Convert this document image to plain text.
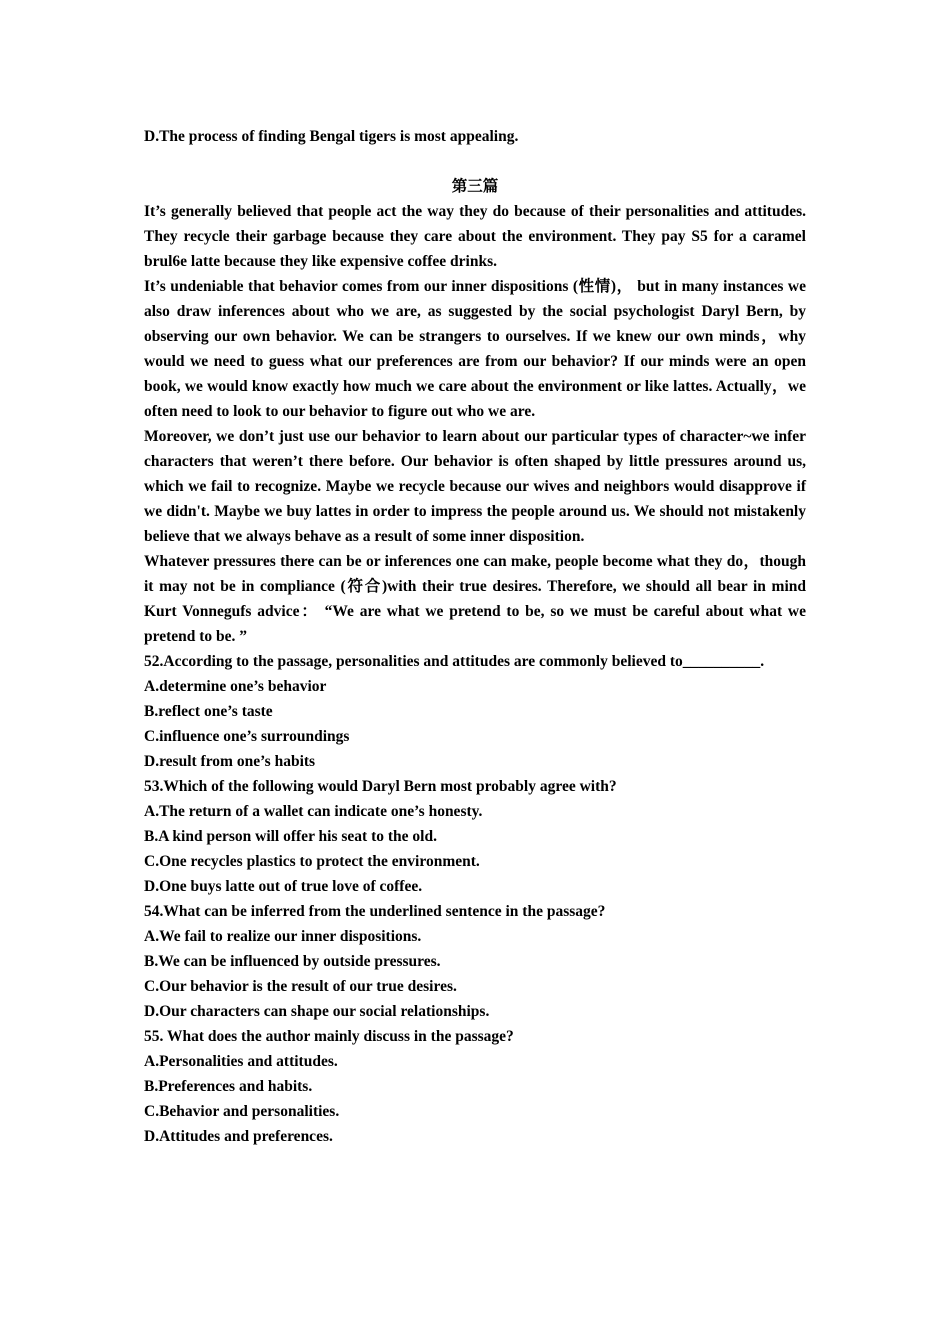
D.The process of finding Bengal tigers is most appealing.

第三篇

It’s generally believed that people act the way they do because of their personalities and attitudes. They recycle their garbage because they care about the environment. They pay S5 for a caramel brul6e latte because they like expensive coffee drinks.

It’s undeniable that behavior comes from our inner dispositions (性情)， but in many instances we also draw inferences about who we are, as suggested by the social psychologist Daryl Bern, by observing our own behavior. We can be strangers to ourselves. If we knew our own minds，why would we need to guess what our preferences are from our behavior? If our minds were an open book, we would know exactly how much we care about the environment or like lattes. Actually，we often need to look to our behavior to figure out who we are.

Moreover, we don’t just use our behavior to learn about our particular types of character~we infer characters that weren’t there before. Our behavior is often shaped by little pressures around us, which we fail to recognize. Maybe we recycle because our wives and neighbors would disapprove if we didn't. Maybe we buy lattes in order to impress the people around us. We should not mistakenly believe that we always behave as a result of some inner disposition.

Whatever pressures there can be or inferences one can make, people become what they do，though it may not be in compliance (符合)with their true desires. Therefore, we should all bear in mind Kurt Vonnegufs advice： “We are what we pretend to be, so we must be careful about what we pretend to be. ”

52.According to the passage, personalities and attitudes are commonly believed to__________.

A.determine one’s behavior

B.reflect one’s taste

C.influence one’s surroundings

D.result from one’s habits

53.Which of the following would Daryl Bern most probably agree with?

A.The return of a wallet can indicate one’s honesty.

B.A kind person will offer his seat to the old.

C.One recycles plastics to protect the environment.

D.One buys latte out of true love of coffee.

54.What can be inferred from the underlined sentence in the passage?

A.We fail to realize our inner dispositions.

B.We can be influenced by outside pressures.

C.Our behavior is the result of our true desires.

D.Our characters can shape our social relationships.

55. What does the author mainly discuss in the passage?

A.Personalities and attitudes.

B.Preferences and habits.

C.Behavior and personalities.

D.Attitudes and preferences.
